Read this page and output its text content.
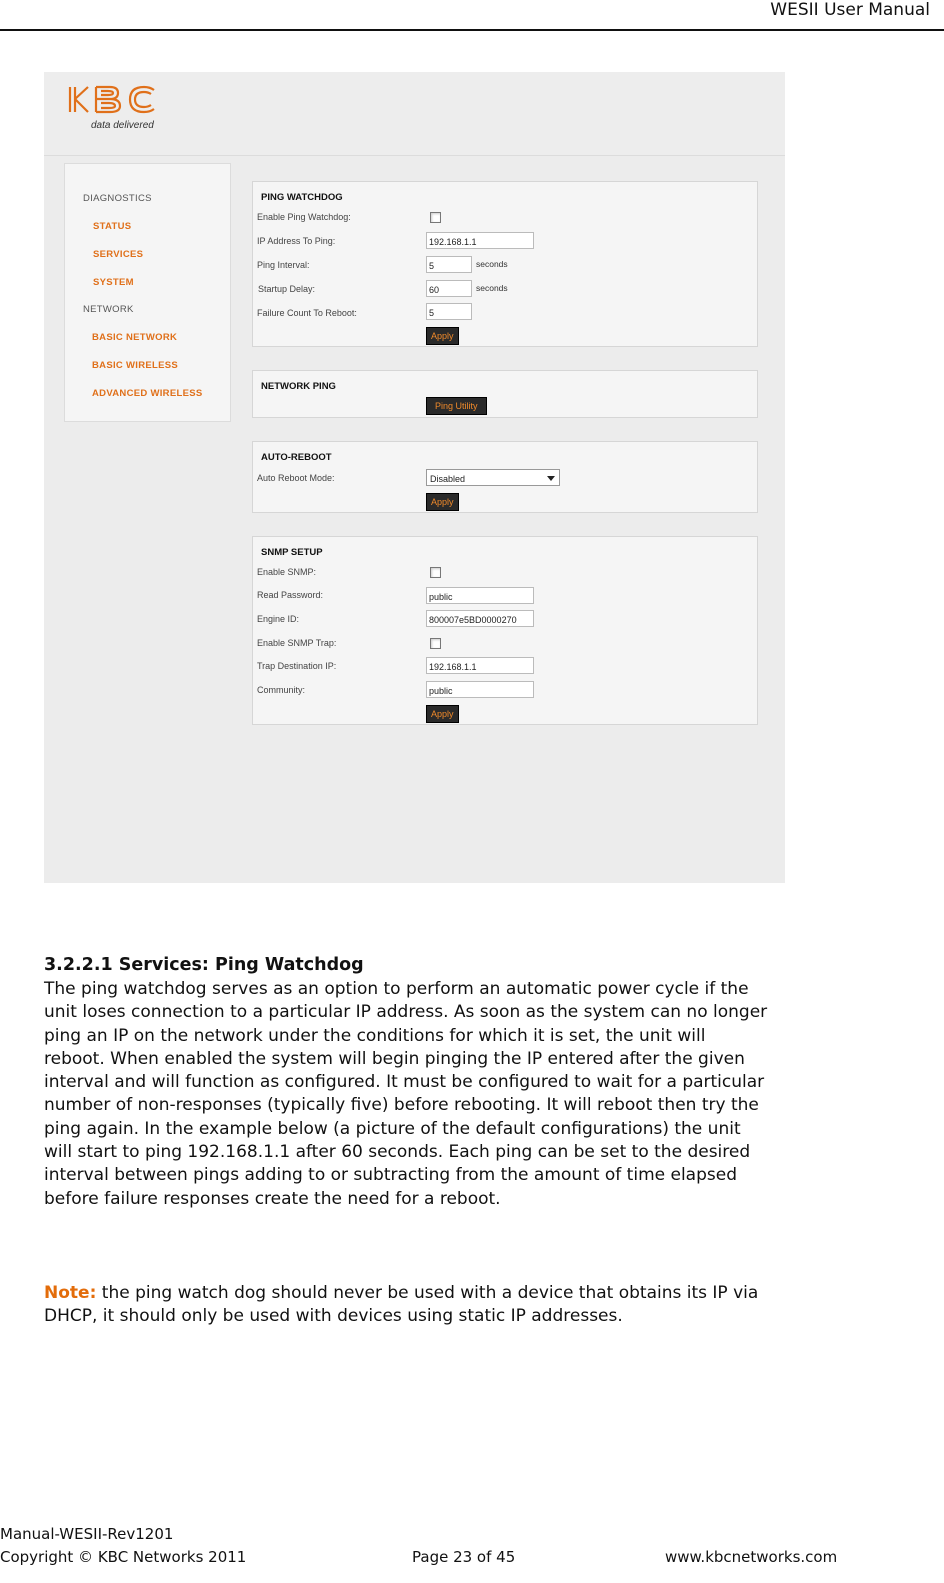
WESII User Manual
data delivered
DIAGNOSTICS
STATUS
SERVICES
SYSTEM
NETWORK
BASIC NETWORK
BASIC WIRELESS
ADVANCED WIRELESS
PING WATCHDOG
Enable Ping Watchdog:
IP Address To Ping:	192.168.1.1
Ping Interval:	5	seconds
Startup Delay:	60	seconds
Failure Count To Reboot:	5
Apply
NETWORK PING
Ping Utility
AUTO-REBOOT
Auto Reboot Mode:	Disabled
Apply
SNMP SETUP
Enable SNMP:
Read Password:	public
Engine ID:	800007e5BD0000270
Enable SNMP Trap:
Trap Destination IP:	192.168.1.1
Community:	public
Apply
3.2.2.1 Services: Ping Watchdog
The ping watchdog serves as an option to perform an automatic power cycle if the
unit loses connection to a particular IP address. As soon as the system can no longer
ping an IP on the network under the conditions for which it is set, the unit will
reboot. When enabled the system will begin pinging the IP entered after the given
interval and will function as configured. It must be configured to wait for a particular
number of non-responses (typically five) before rebooting. It will reboot then try the
ping again. In the example below (a picture of the default configurations) the unit
will start to ping 192.168.1.1 after 60 seconds. Each ping can be set to the desired
interval between pings adding to or subtracting from the amount of time elapsed
before failure responses create the need for a reboot.
Note: the ping watch dog should never be used with a device that obtains its IP via
DHCP, it should only be used with devices using static IP addresses.
Manual-WESII-Rev1201
Copyright © KBC Networks 2011	Page 23 of 45	www.kbcnetworks.com
